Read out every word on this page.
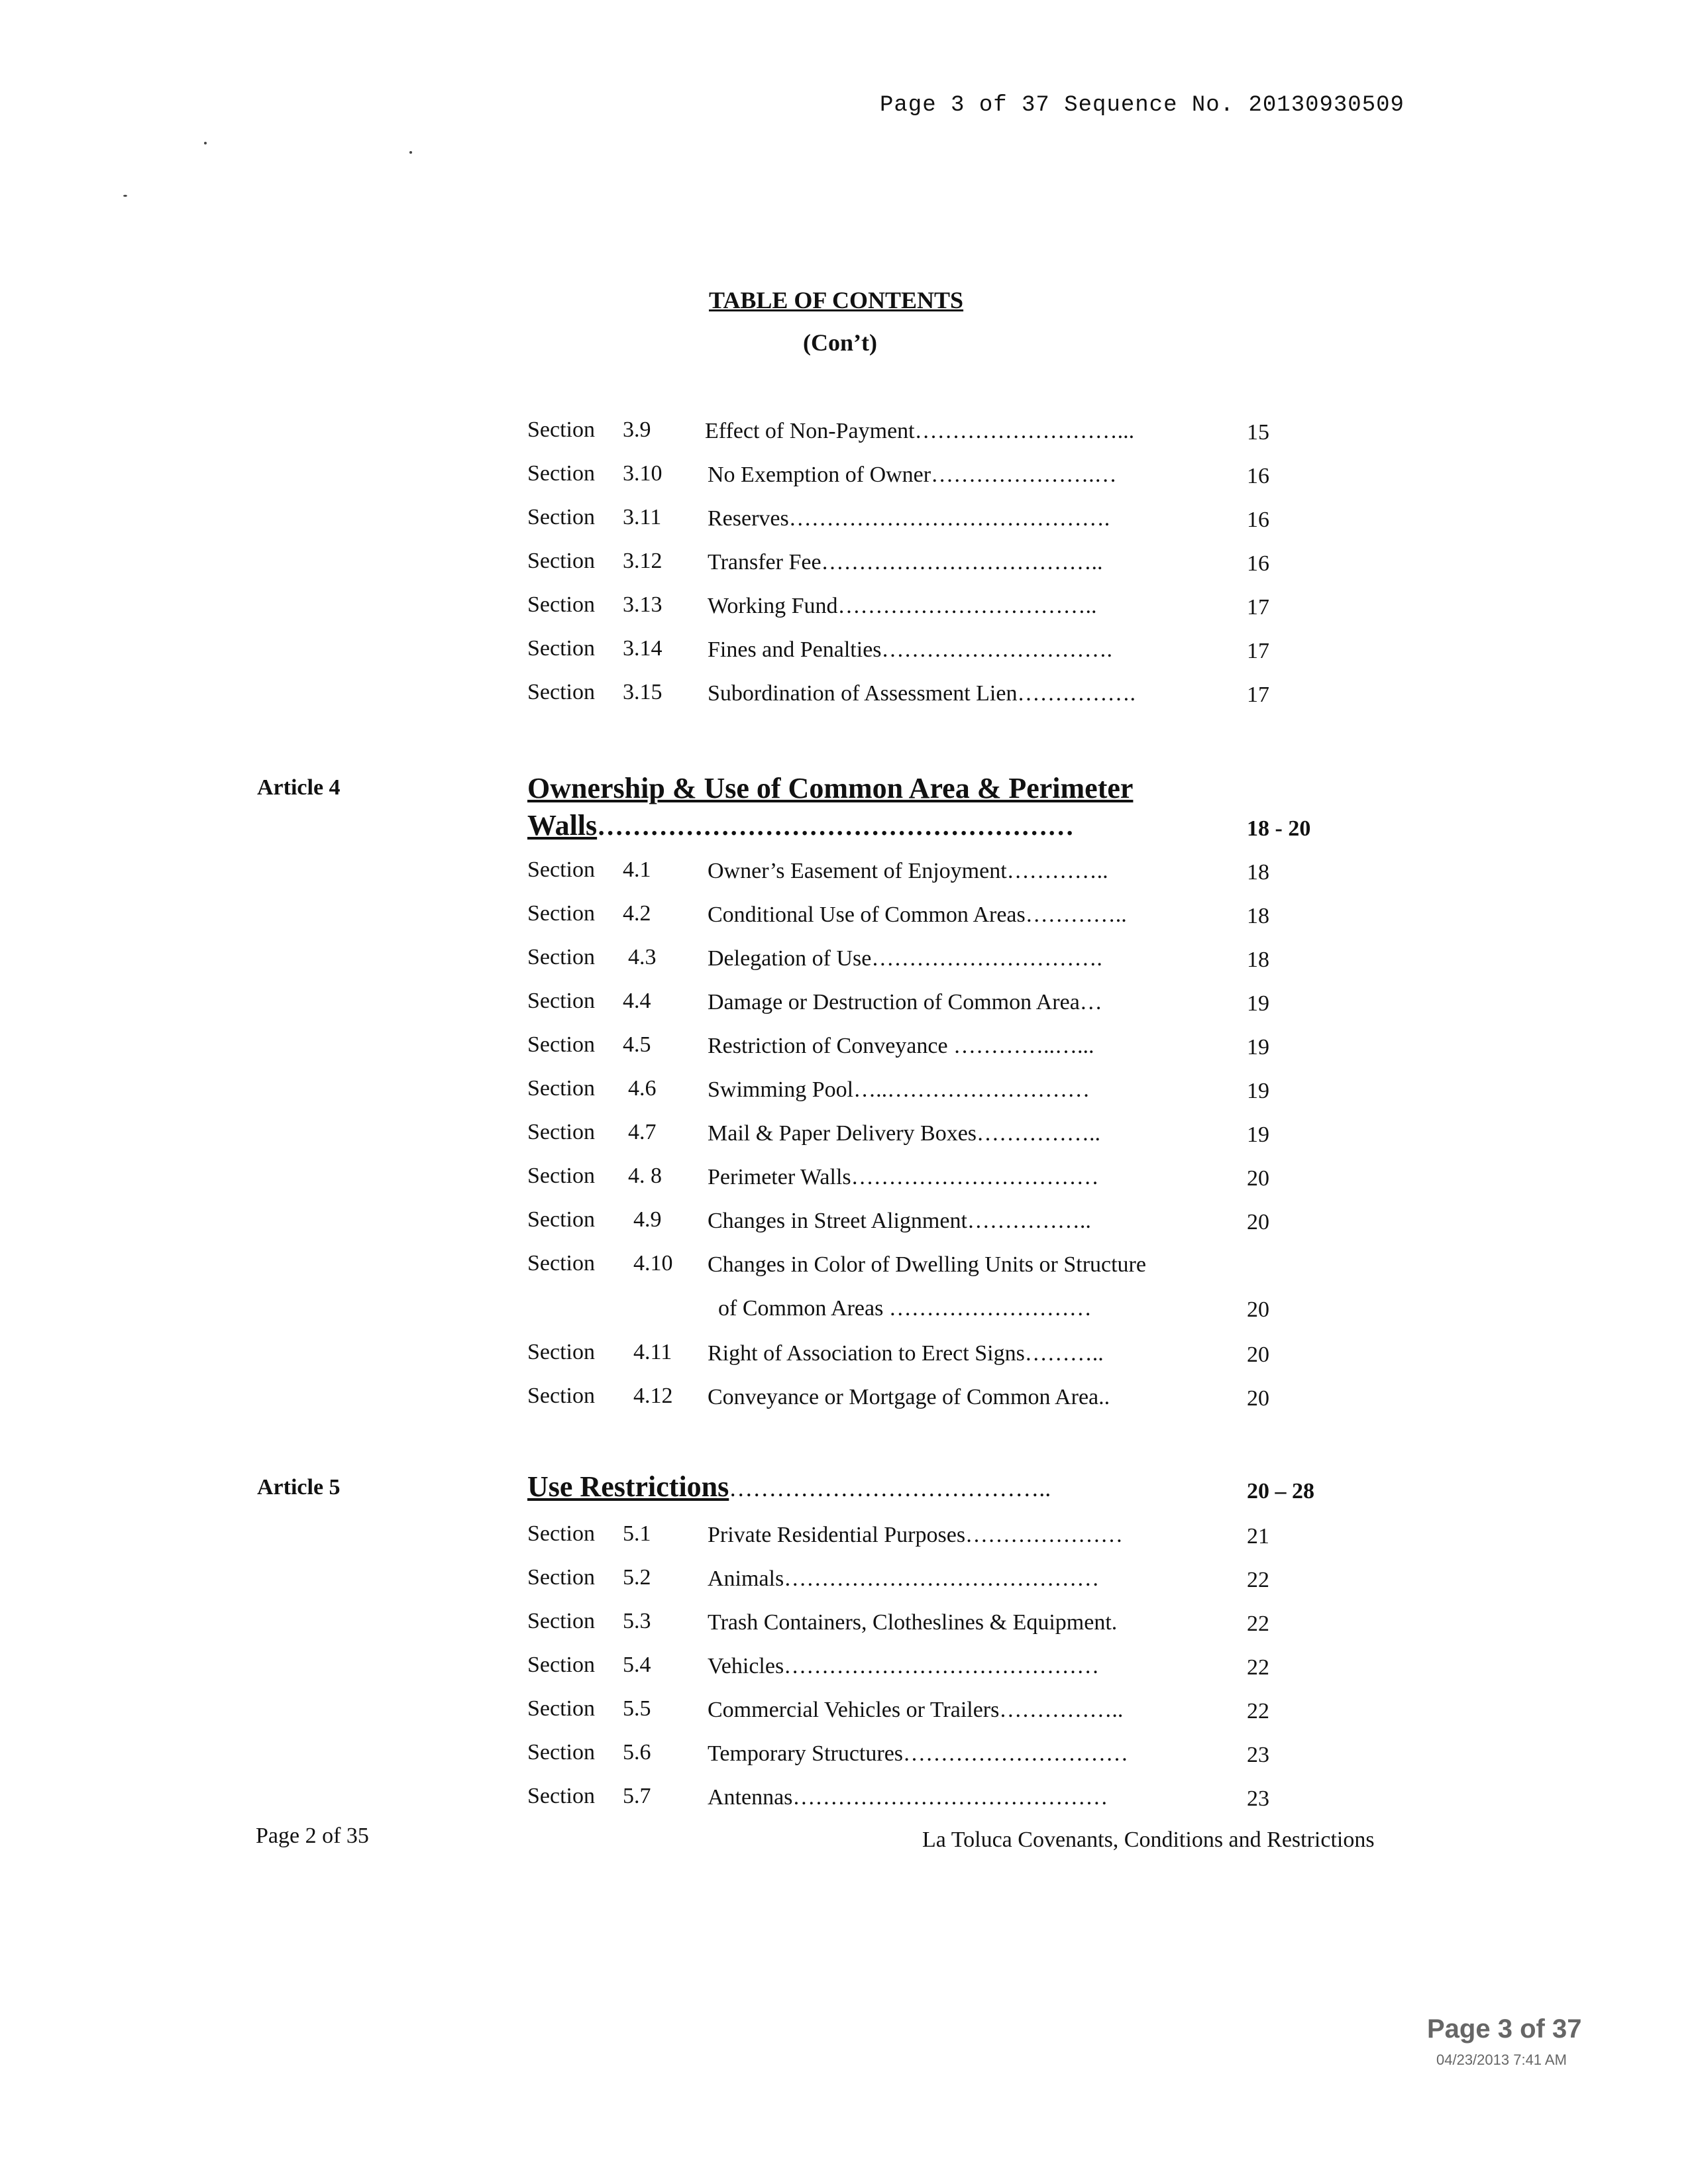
Page 3 of 37 Sequence No. 20130930509
TABLE OF CONTENTS
(Con’t)
Section 3.9 Effect of Non-Payment………………………...	15
Section 3.10 No Exemption of Owner………………….…	16
Section 3.11 Reserves…………………………………….	16
Section 3.12 Transfer Fee………………………………..	16
Section 3.13 Working Fund……………………………..	17
Section 3.14 Fines and Penalties………………………….	17
Section 3.15 Subordination of Assessment Lien…………….	17
Article 4	Ownership & Use of Common Area & Perimeter
Walls………………………………………………	18 - 20
Section 4.1	Owner’s Easement of Enjoyment…………..	18
Section 4.2	Conditional Use of Common Areas…………..	18
Section 4.3 Delegation of Use………………………….	18
Section 4.4	Damage or Destruction of Common Area…	19
Section 4.5	Restriction of Conveyance …………..…...	19
Section 4.6 Swimming Pool…..………………………	19
Section 4.7 Mail & Paper Delivery Boxes……………..	19
Section 4. 8 Perimeter Walls……………………………	20
Section 4.9 Changes in Street Alignment……………..	20
Section 4.10 Changes in Color of Dwelling Units or Structure
of Common Areas ………………………	20
Section 4.11 Right of Association to Erect Signs………..	20
Section 4.12 Conveyance or Mortgage of Common Area..	20
Article 5	Use Restrictions…………………………………..	20 – 28
Section 5.1	Private Residential Purposes…………………	21
Section 5.2	Animals……………………………………	22
Section 5.3	Trash Containers, Clotheslines & Equipment.	22
Section 5.4	Vehicles……………………………………	22
Section 5.5	Commercial Vehicles or Trailers……………..	22
Section 5.6	Temporary Structures…………………………	23
Section 5.7	Antennas……………………………………	23
Page 2 of 35	La Toluca Covenants, Conditions and Restrictions
Page 3 of 37
04/23/2013 7:41 AM
